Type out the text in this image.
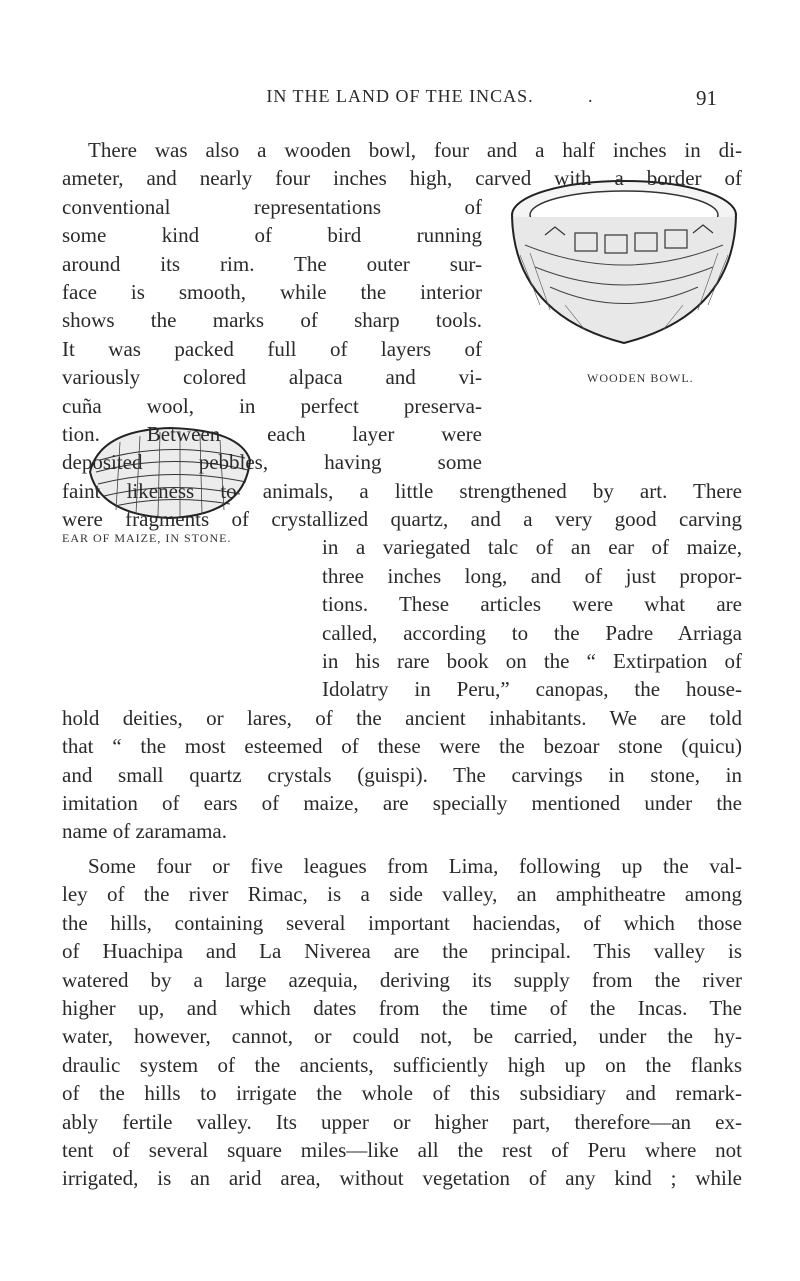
IN THE LAND OF THE INCAS.	.	91
WOODEN BOWL.
EAR OF MAIZE, IN STONE.
There was also a wooden bowl, four and a half inches in di-
ameter, and nearly four inches high, carved with a border of
conventional representations of
some kind of bird running
around its rim. The outer sur-
face is smooth, while the interior
shows the marks of sharp tools.
It was packed full of layers of
variously colored alpaca and vi-
cuña wool, in perfect preserva-
tion. Between each layer were
deposited pebbles, having some
faint likeness to animals, a little strengthened by art. There
were fragments of crystallized quartz, and a very good carving
in a variegated talc of an ear of maize,
three inches long, and of just propor-
tions. These articles were what are
called, according to the Padre Arriaga
in his rare book on the “ Extirpation of
Idolatry in Peru,” canopas, the house-
hold deities, or lares, of the ancient inhabitants. We are told
that “ the most esteemed of these were the bezoar stone (quicu)
and small quartz crystals (guispi). The carvings in stone, in
imitation of ears of maize, are specially mentioned under the
name of zaramama.
Some four or five leagues from Lima, following up the val-
ley of the river Rimac, is a side valley, an amphitheatre among
the hills, containing several important haciendas, of which those
of Huachipa and La Niverea are the principal. This valley is
watered by a large azequia, deriving its supply from the river
higher up, and which dates from the time of the Incas. The
water, however, cannot, or could not, be carried, under the hy-
draulic system of the ancients, sufficiently high up on the flanks
of the hills to irrigate the whole of this subsidiary and remark-
ably fertile valley. Its upper or higher part, therefore—an ex-
tent of several square miles—like all the rest of Peru where not
irrigated, is an arid area, without vegetation of any kind ; while
